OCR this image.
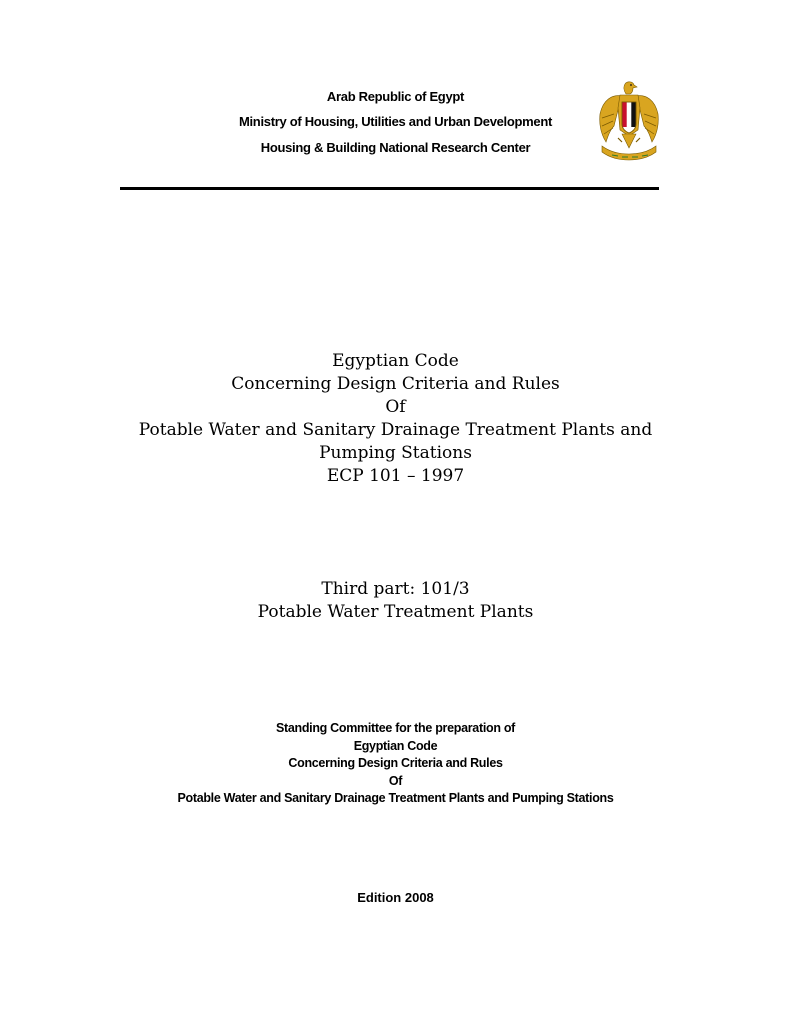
Arab Republic of Egypt
Ministry of Housing, Utilities and Urban Development
Housing & Building National Research Center
Egyptian Code
Concerning Design Criteria and Rules
Of
Potable Water and Sanitary Drainage Treatment Plants and
Pumping Stations
ECP 101 – 1997
Third part: 101/3
Potable Water Treatment Plants
Standing Committee for the preparation of
Egyptian Code
Concerning Design Criteria and Rules
Of
Potable Water and Sanitary Drainage Treatment Plants and Pumping Stations
Edition 2008
